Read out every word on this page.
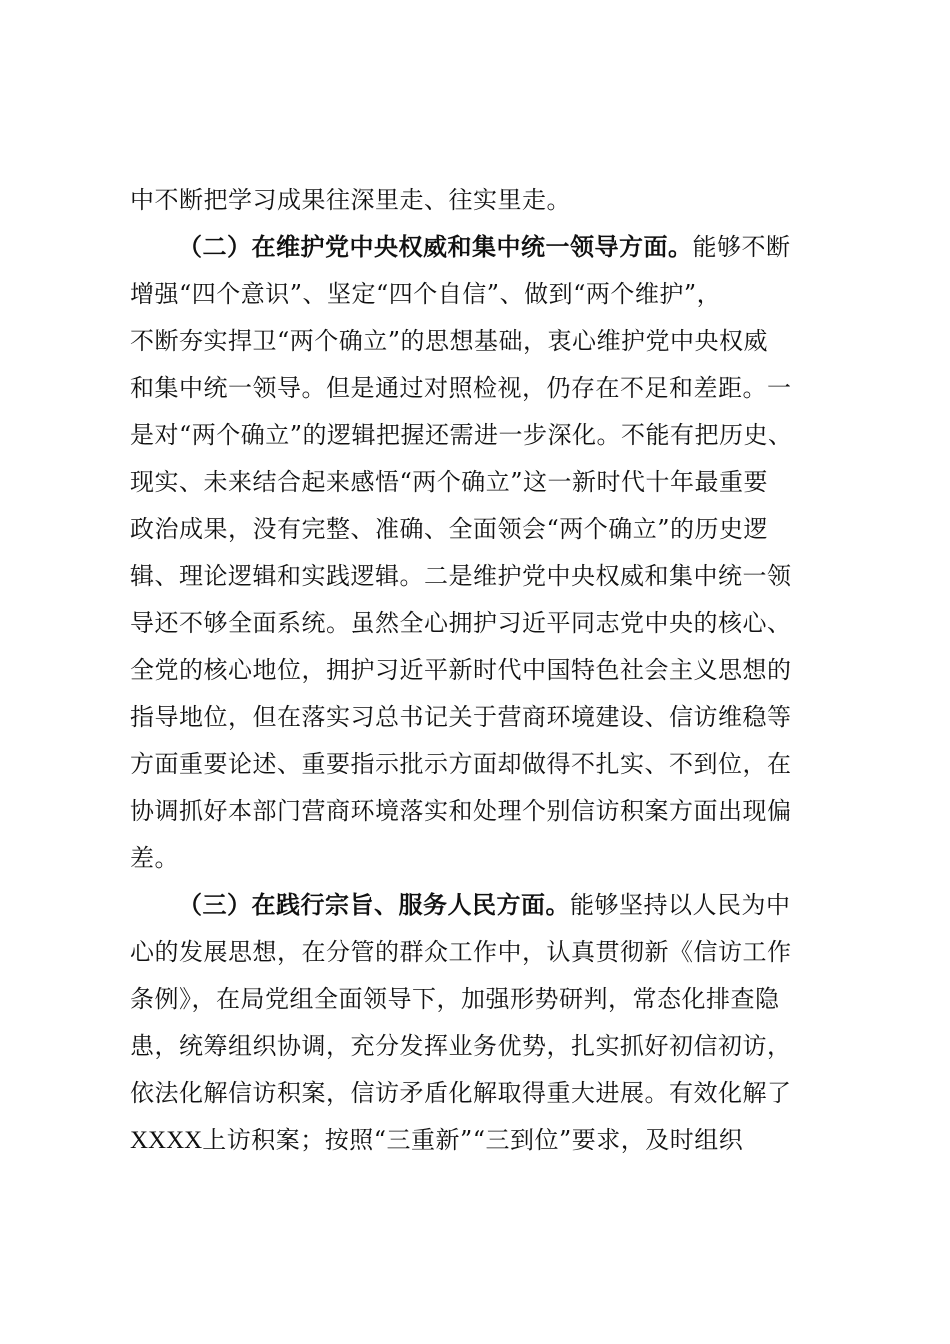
中不断把学习成果往深里走、往实里走。
（二）在维护党中央权威和集中统一领导方面。能够不断
增强“四个意识”、坚定“四个自信”、做到“两个维护”，
不断夯实捍卫“两个确立”的思想基础，衷心维护党中央权威
和集中统一领导。但是通过对照检视，仍存在不足和差距。一
是对“两个确立”的逻辑把握还需进一步深化。不能有把历史、
现实、未来结合起来感悟“两个确立”这一新时代十年最重要
政治成果，没有完整、准确、全面领会“两个确立”的历史逻
辑、理论逻辑和实践逻辑。二是维护党中央权威和集中统一领
导还不够全面系统。虽然全心拥护习近平同志党中央的核心、
全党的核心地位，拥护习近平新时代中国特色社会主义思想的
指导地位，但在落实习总书记关于营商环境建设、信访维稳等
方面重要论述、重要指示批示方面却做得不扎实、不到位，在
协调抓好本部门营商环境落实和处理个别信访积案方面出现偏
差。
（三）在践行宗旨、服务人民方面。能够坚持以人民为中
心的发展思想，在分管的群众工作中，认真贯彻新《信访工作
条例》，在局党组全面领导下，加强形势研判，常态化排查隐
患，统筹组织协调，充分发挥业务优势，扎实抓好初信初访，
依法化解信访积案，信访矛盾化解取得重大进展。有效化解了
XXXX上访积案；按照“三重新”“三到位”要求，及时组织
